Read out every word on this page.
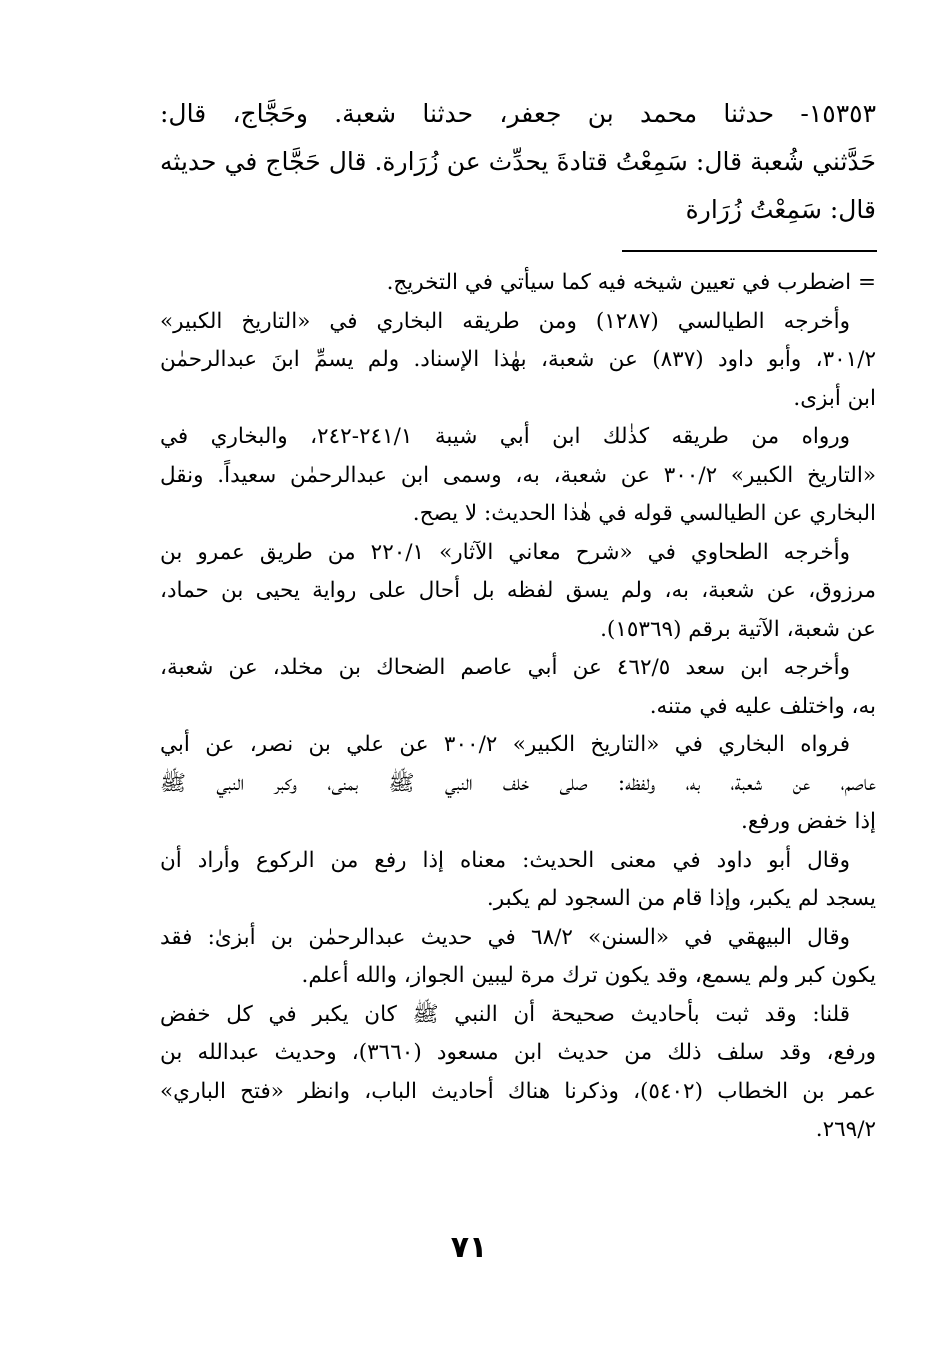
١٥٣٥٣- حدثنا محمد بن جعفر، حدثنا شعبة. وحَجَّاج، قال:
حَدَّثني شُعبة قال: سَمِعْتُ قتادةَ يحدِّث عن زُرَارة. قال حَجَّاج في حديثه
قال: سَمِعْتُ زُرَارة
= اضطرب في تعيين شيخه فيه كما سيأتي في التخريج.
وأخرجه الطيالسي (١٢٨٧) ومن طريقه البخاري في «التاريخ الكبير»
٣٠١/٢، وأبو داود (٨٣٧) عن شعبة، بهٰذا الإسناد. ولم يسمِّ ابنَ عبدالرحمٰن
ابن أبزى.
ورواه من طريقه كذٰلك ابن أبي شيبة ٢٤١/١-٢٤٢، والبخاري في
«التاريخ الكبير» ٣٠٠/٢ عن شعبة، به، وسمى ابن عبدالرحمٰن سعيداً. ونقل
البخاري عن الطيالسي قوله في هٰذا الحديث: لا يصح.
وأخرجه الطحاوي في «شرح معاني الآثار» ٢٢٠/١ من طريق عمرو بن
مرزوق، عن شعبة، به، ولم يسق لفظه بل أحال على رواية يحيى بن حماد،
عن شعبة، الآتية برقم (١٥٣٦٩).
وأخرجه ابن سعد ٤٦٢/٥ عن أبي عاصم الضحاك بن مخلد، عن شعبة،
به، واختلف عليه في متنه.
فرواه البخاري في «التاريخ الكبير» ٣٠٠/٢ عن علي بن نصر، عن أبي
عاصم، عن شعبة، به، ولفظه: صلى خلف النبي ﷺ بمنى، وكبر النبي ﷺ
إذا خفض ورفع.
وقال أبو داود في معنى الحديث: معناه إذا رفع من الركوع وأراد أن
يسجد لم يكبر، وإذا قام من السجود لم يكبر.
وقال البيهقي في «السنن» ٦٨/٢ في حديث عبدالرحمٰن بن أبزىٰ: فقد
يكون كبر ولم يسمع، وقد يكون ترك مرة ليبين الجواز، والله أعلم.
قلنا: وقد ثبت بأحاديث صحيحة أن النبي ﷺ كان يكبر في كل خفض
ورفع، وقد سلف ذلك من حديث ابن مسعود (٣٦٦٠)، وحديث عبدالله بن
عمر بن الخطاب (٥٤٠٢)، وذكرنا هناك أحاديث الباب، وانظر «فتح الباري»
٢٦٩/٢.
٧١
